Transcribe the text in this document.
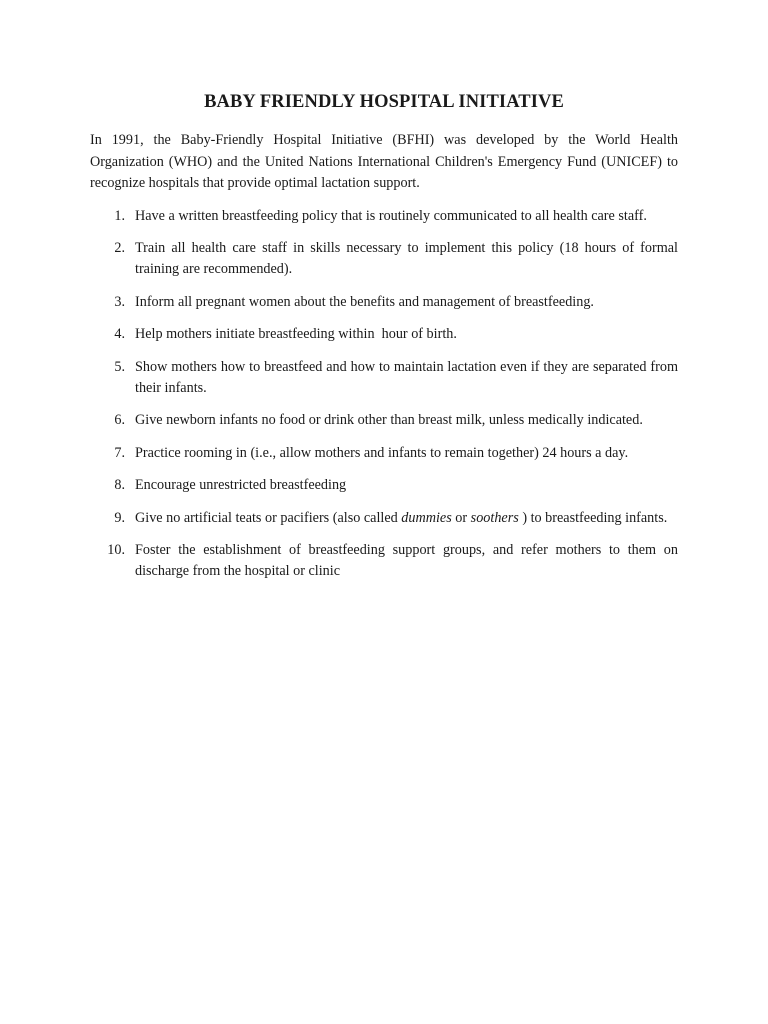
BABY FRIENDLY HOSPITAL INITIATIVE

In 1991, the Baby-Friendly Hospital Initiative (BFHI) was developed by the World Health Organization (WHO) and the United Nations International Children's Emergency Fund (UNICEF) to recognize hospitals that provide optimal lactation support.

1. Have a written breastfeeding policy that is routinely communicated to all health care staff.
2. Train all health care staff in skills necessary to implement this policy (18 hours of formal training are recommended).
3. Inform all pregnant women about the benefits and management of breastfeeding.
4. Help mothers initiate breastfeeding within  hour of birth.
5. Show mothers how to breastfeed and how to maintain lactation even if they are separated from their infants.
6. Give newborn infants no food or drink other than breast milk, unless medically indicated.
7. Practice rooming in (i.e., allow mothers and infants to remain together) 24 hours a day.
8. Encourage unrestricted breastfeeding
9. Give no artificial teats or pacifiers (also called dummies or soothers ) to breastfeeding infants.
10. Foster the establishment of breastfeeding support groups, and refer mothers to them on discharge from the hospital or clinic
